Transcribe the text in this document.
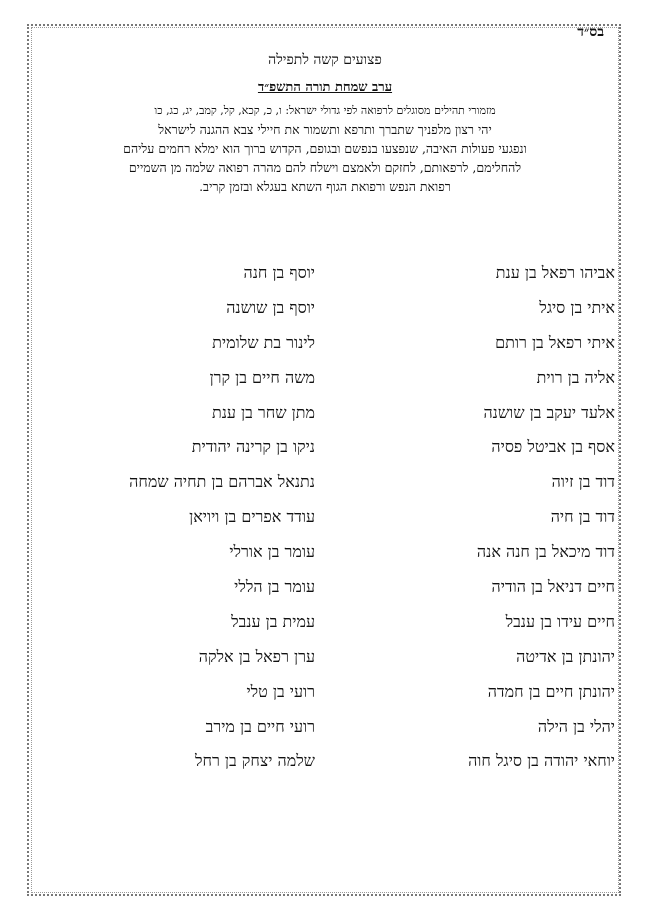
בס״ד
פצועים קשה לתפילה
ערב שמחת תורה התשפ״ד
מזמורי תהילים מסוגלים לרפואה לפי גדולי ישראל: ו, כ, קכא, קל, קמב, יג, כג, כו
יהי רצון מלפניך שתברך ותרפא ותשמור את חיילי צבא ההגנה לישראל
ונפגעי פעולות האיבה, שנפצעו בנפשם ובגופם, הקדוש ברוך הוא ימלא רחמים עליהם
להחלימם, לרפאותם, לחזקם ולאמצם וישלח להם מהרה רפואה שלמה מן השמיים
רפואת הנפש ורפואת הגוף השתא בעגלא ובזמן קריב.
אביהו רפאל בן ענת
איתי בן סיגל
איתי רפאל בן רותם
אליה בן רוית
אלעד יעקב בן שושנה
אסף בן אביטל פסיה
דוד בן זיוה
דוד בן חיה
דוד מיכאל בן חנה אנה
חיים דניאל בן הודיה
חיים עידו בן ענבל
יהונתן בן אדיטה
יהונתן חיים בן חמדה
יהלי בן הילה
יוחאי יהודה בן סיגל חוה
יוסף בן חנה
יוסף בן שושנה
לינור בת שלומית
משה חיים בן קרן
מתן שחר בן ענת
ניקו בן קרינה יהודית
נתנאל אברהם בן תחיה שמחה
עודד אפרים בן ויויאן
עומר בן אורלי
עומר בן הללי
עמית בן ענבל
ערן רפאל בן אלקה
רועי בן טלי
רועי חיים בן מירב
שלמה יצחק בן רחל
